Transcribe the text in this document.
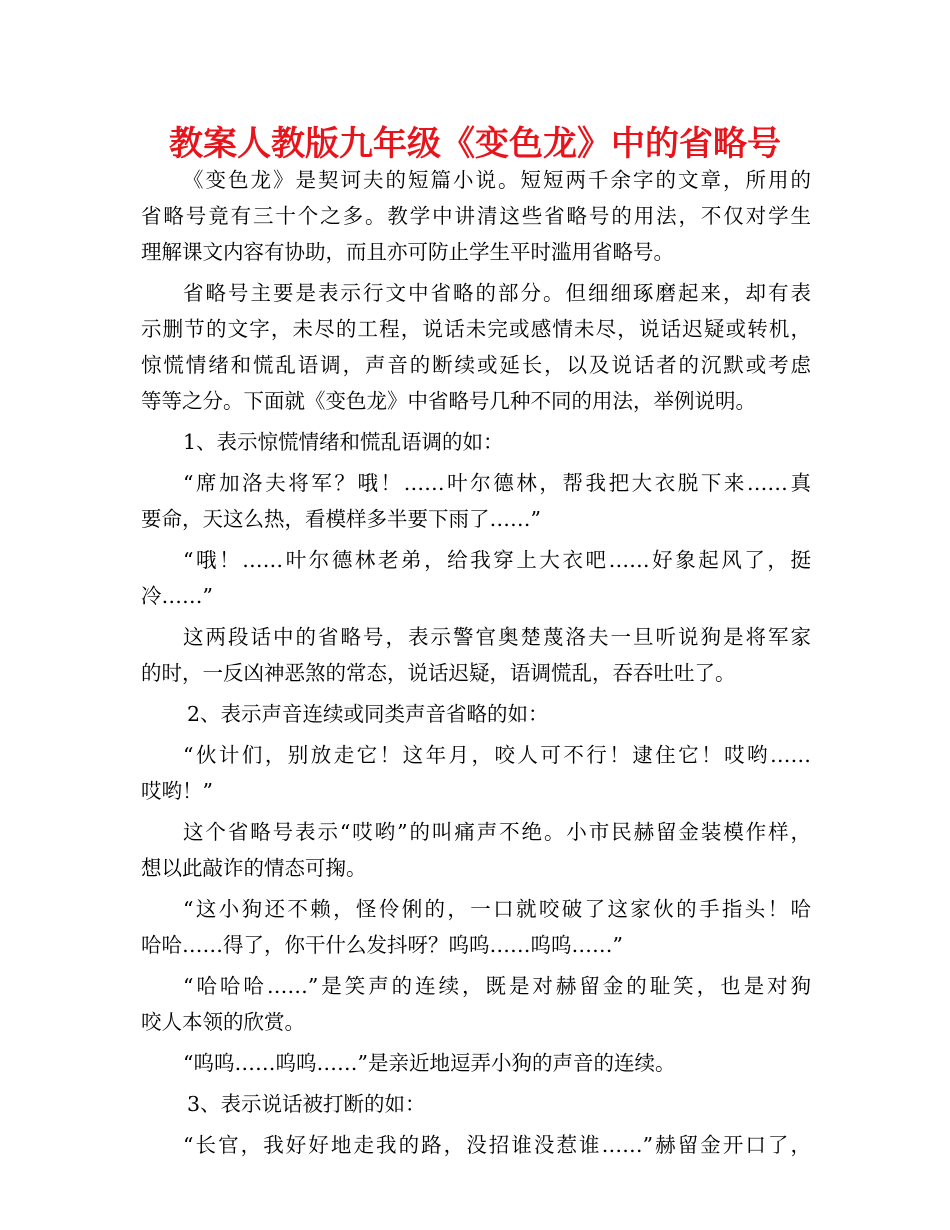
教案人教版九年级《变色龙》中的省略号
《变色龙》是契诃夫的短篇小说。短短两千余字的文章，所用的
省略号竟有三十个之多。教学中讲清这些省略号的用法，不仅对学生
理解课文内容有协助，而且亦可防止学生平时滥用省略号。
省略号主要是表示行文中省略的部分。但细细琢磨起来，却有表
示删节的文字，未尽的工程，说话未完或感情未尽，说话迟疑或转机，
惊慌情绪和慌乱语调，声音的断续或延长，以及说话者的沉默或考虑
等等之分。下面就《变色龙》中省略号几种不同的用法，举例说明。
1、表示惊慌情绪和慌乱语调的如：
“席加洛夫将军？哦！……叶尔德林，帮我把大衣脱下来……真
要命，天这么热，看模样多半要下雨了……”
“哦！……叶尔德林老弟，给我穿上大衣吧……好象起风了，挺
冷……”
这两段话中的省略号，表示警官奥楚蔑洛夫一旦听说狗是将军家
的时，一反凶神恶煞的常态，说话迟疑，语调慌乱，吞吞吐吐了。
2、表示声音连续或同类声音省略的如：
“伙计们，别放走它！这年月，咬人可不行！逮住它！哎哟……
哎哟！”
这个省略号表示“哎哟”的叫痛声不绝。小市民赫留金装模作样，
想以此敲诈的情态可掬。
“这小狗还不赖，怪伶俐的，一口就咬破了这家伙的手指头！哈
哈哈……得了，你干什么发抖呀？呜呜……呜呜……”
“哈哈哈……”是笑声的连续，既是对赫留金的耻笑，也是对狗
咬人本领的欣赏。
“呜呜……呜呜……”是亲近地逗弄小狗的声音的连续。
3、表示说话被打断的如：
“长官，我好好地走我的路，没招谁没惹谁……”赫留金开口了，
